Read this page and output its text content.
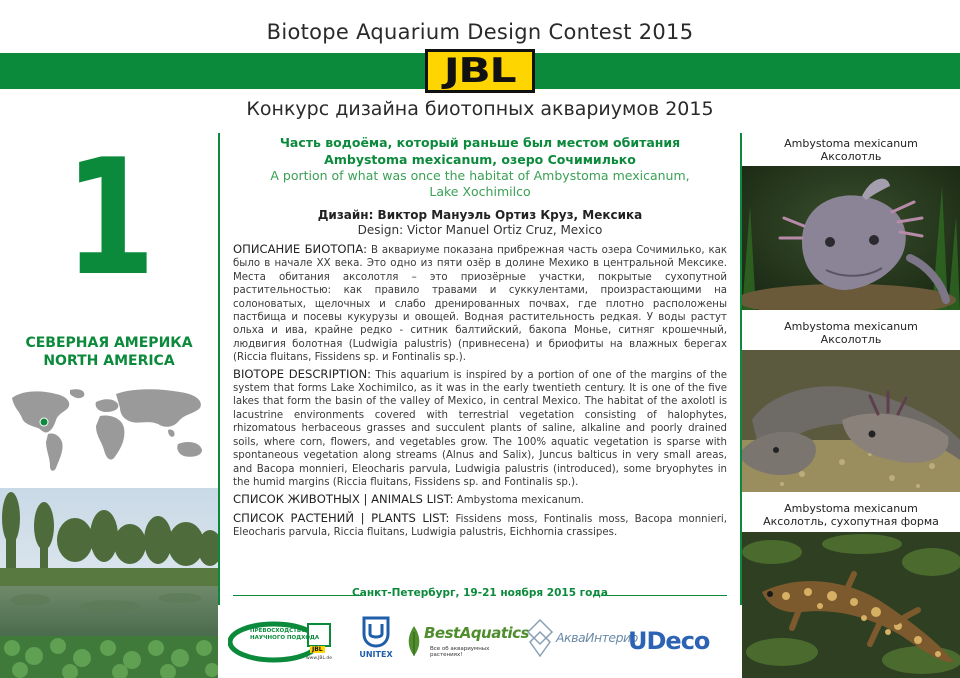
Biotope Aquarium Design Contest 2015
JBL
Конкурс дизайна биотопных аквариумов 2015
1
СЕВЕРНАЯ АМЕРИКА
NORTH AMERICA
Часть водоёма, который раньше был местом обитания
Ambystoma mexicanum, озеро Сочимилько
A portion of what was once the habitat of Ambystoma mexicanum,
Lake Xochimilco
Дизайн: Виктор Мануэль Ортиз Круз, Мексика
Design: Victor Manuel Ortiz Cruz, Mexico

ОПИСАНИЕ БИОТОПА: В аквариуме показана прибрежная часть озера Сочимилько, как было в начале XX века. Это одно из пяти озёр в долине Мехико в центральной Мексике. Места обитания аксолотля – это приозёрные участки, покрытые сухопутной растительностью: как правило травами и суккулентами, произрастающими на солоноватых, щелочных и слабо дренированных почвах, где плотно расположены пастбища и посевы кукурузы и овощей. Водная растительность редкая. У воды растут ольха и ива, крайне редко - ситник балтийский, бакопа Монье, ситняг крошечный, людвигия болотная (Ludwigia palustris) (привнесена) и бриофиты на влажных берегах (Riccia fluitans, Fissidens sp. и Fontinalis sp.).

BIOTOPE DESCRIPTION: This aquarium is inspired by a portion of one of the margins of the system that forms Lake Xochimilco, as it was in the early twentieth century. It is one of the five lakes that form the basin of the valley of Mexico, in central Mexico. The habitat of the axolotl is lacustrine environments covered with terrestrial vegetation consisting of halophytes, rhizomatous herbaceous grasses and succulent plants of saline, alkaline and poorly drained soils, where corn, flowers, and vegetables grow. The 100% aquatic vegetation is sparse with spontaneous vegetation along streams (Alnus and Salix), Juncus balticus in very small areas, and Bacopa monnieri, Eleocharis parvula, Ludwigia palustris (introduced), some bryophytes in the humid margins (Riccia fluitans, Fissidens sp. and Fontinalis sp.).

СПИСОК ЖИВОТНЫХ | ANIMALS LIST: Ambystoma mexicanum.

СПИСОК РАСТЕНИЙ | PLANTS LIST: Fissidens moss, Fontinalis moss, Bacopa monnieri, Eleocharis parvula, Riccia fluitans, Ludwigia palustris, Eichhornia crassipes.

Санкт-Петербург, 19-21 ноября 2015 года
ПРЕВОСХОДСТВО
НАУЧНОГО ПОДХОДА
JBL
www.JBL.de	UNITEX
BestAquatics
Все об аквариумных растениях!
АкваИнтерио
UDeco
Ambystoma mexicanum
Аксолотль
Ambystoma mexicanum
Аксолотль
Ambystoma mexicanum
Аксолотль, сухопутная форма
